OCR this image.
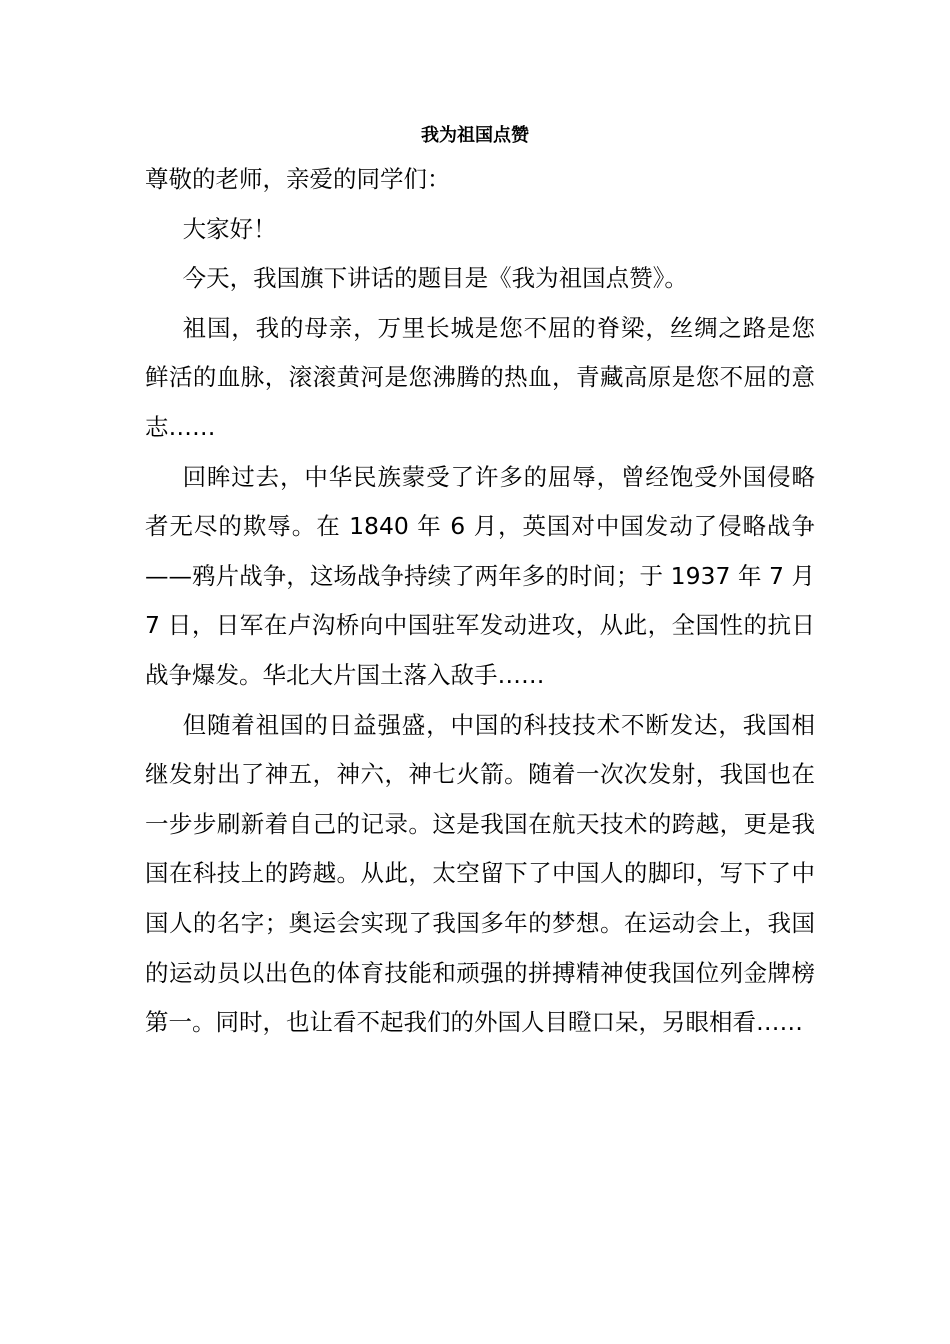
我为祖国点赞

尊敬的老师，亲爱的同学们：

大家好！

今天，我国旗下讲话的题目是《我为祖国点赞》。

祖国，我的母亲，万里长城是您不屈的脊梁，丝绸之路是您鲜活的血脉，滚滚黄河是您沸腾的热血，青藏高原是您不屈的意志……

回眸过去，中华民族蒙受了许多的屈辱，曾经饱受外国侵略者无尽的欺辱。在 1840 年 6 月，英国对中国发动了侵略战争——鸦片战争，这场战争持续了两年多的时间；于 1937 年 7 月 7 日，日军在卢沟桥向中国驻军发动进攻，从此，全国性的抗日战争爆发。华北大片国土落入敌手……

但随着祖国的日益强盛，中国的科技技术不断发达，我国相继发射出了神五，神六，神七火箭。随着一次次发射，我国也在一步步刷新着自己的记录。这是我国在航天技术的跨越，更是我国在科技上的跨越。从此，太空留下了中国人的脚印，写下了中国人的名字；奥运会实现了我国多年的梦想。在运动会上，我国的运动员以出色的体育技能和顽强的拼搏精神使我国位列金牌榜第一。同时，也让看不起我们的外国人目瞪口呆，另眼相看……
